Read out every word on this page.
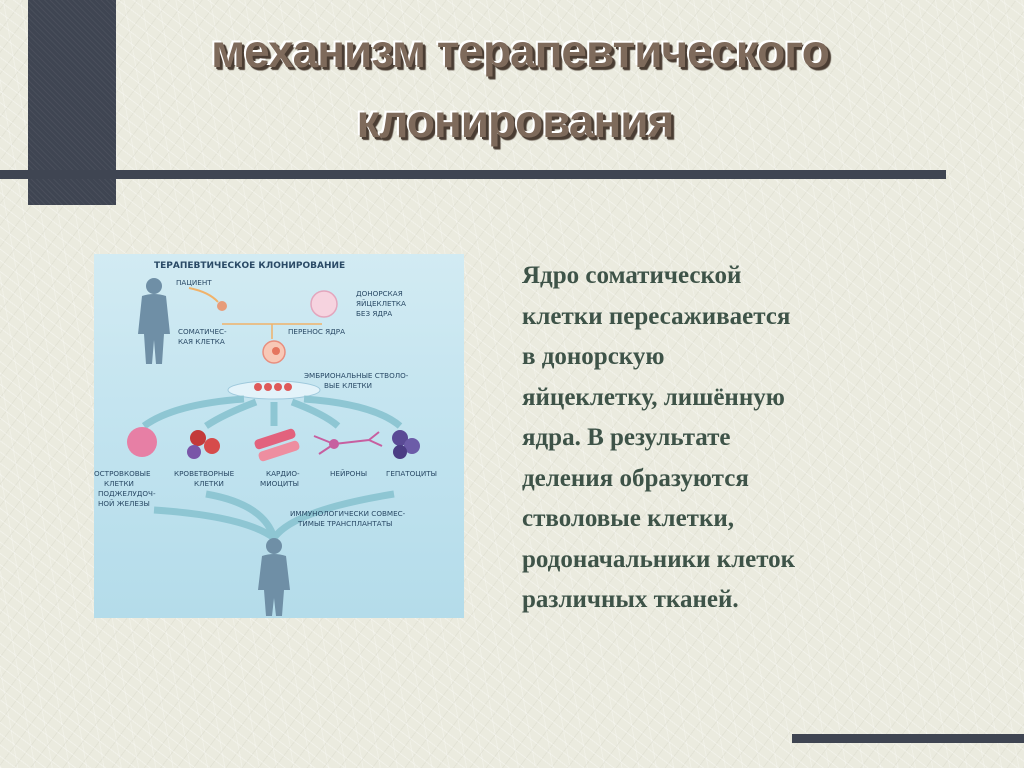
механизм терапевтического
клонирования
ТЕРАПЕВТИЧЕСКОЕ КЛОНИРОВАНИЕ
ПАЦИЕНТ
СОМАТИЧЕС-
КАЯ КЛЕТКА
ДОНОРСКАЯ
ЯЙЦЕКЛЕТКА
БЕЗ ЯДРА
ПЕРЕНОС ЯДРА
ЭМБРИОНАЛЬНЫЕ СТВОЛО-
ВЫЕ КЛЕТКИ
ОСТРОВКОВЫЕ
КЛЕТКИ
ПОДЖЕЛУДОЧ-
НОЙ ЖЕЛЕЗЫ
КРОВЕТВОРНЫЕ
КЛЕТКИ
КАРДИО-
МИОЦИТЫ
НЕЙРОНЫ	ГЕПАТОЦИТЫ
ИММУНОЛОГИЧЕСКИ СОВМЕС-
ТИМЫЕ ТРАНСПЛАНТАТЫ

Ядро соматической
клетки пересаживается
в донорскую
яйцеклетку, лишённую
ядра. В результате
деления образуются
стволовые клетки,
родоначальники клеток
различных тканей.
